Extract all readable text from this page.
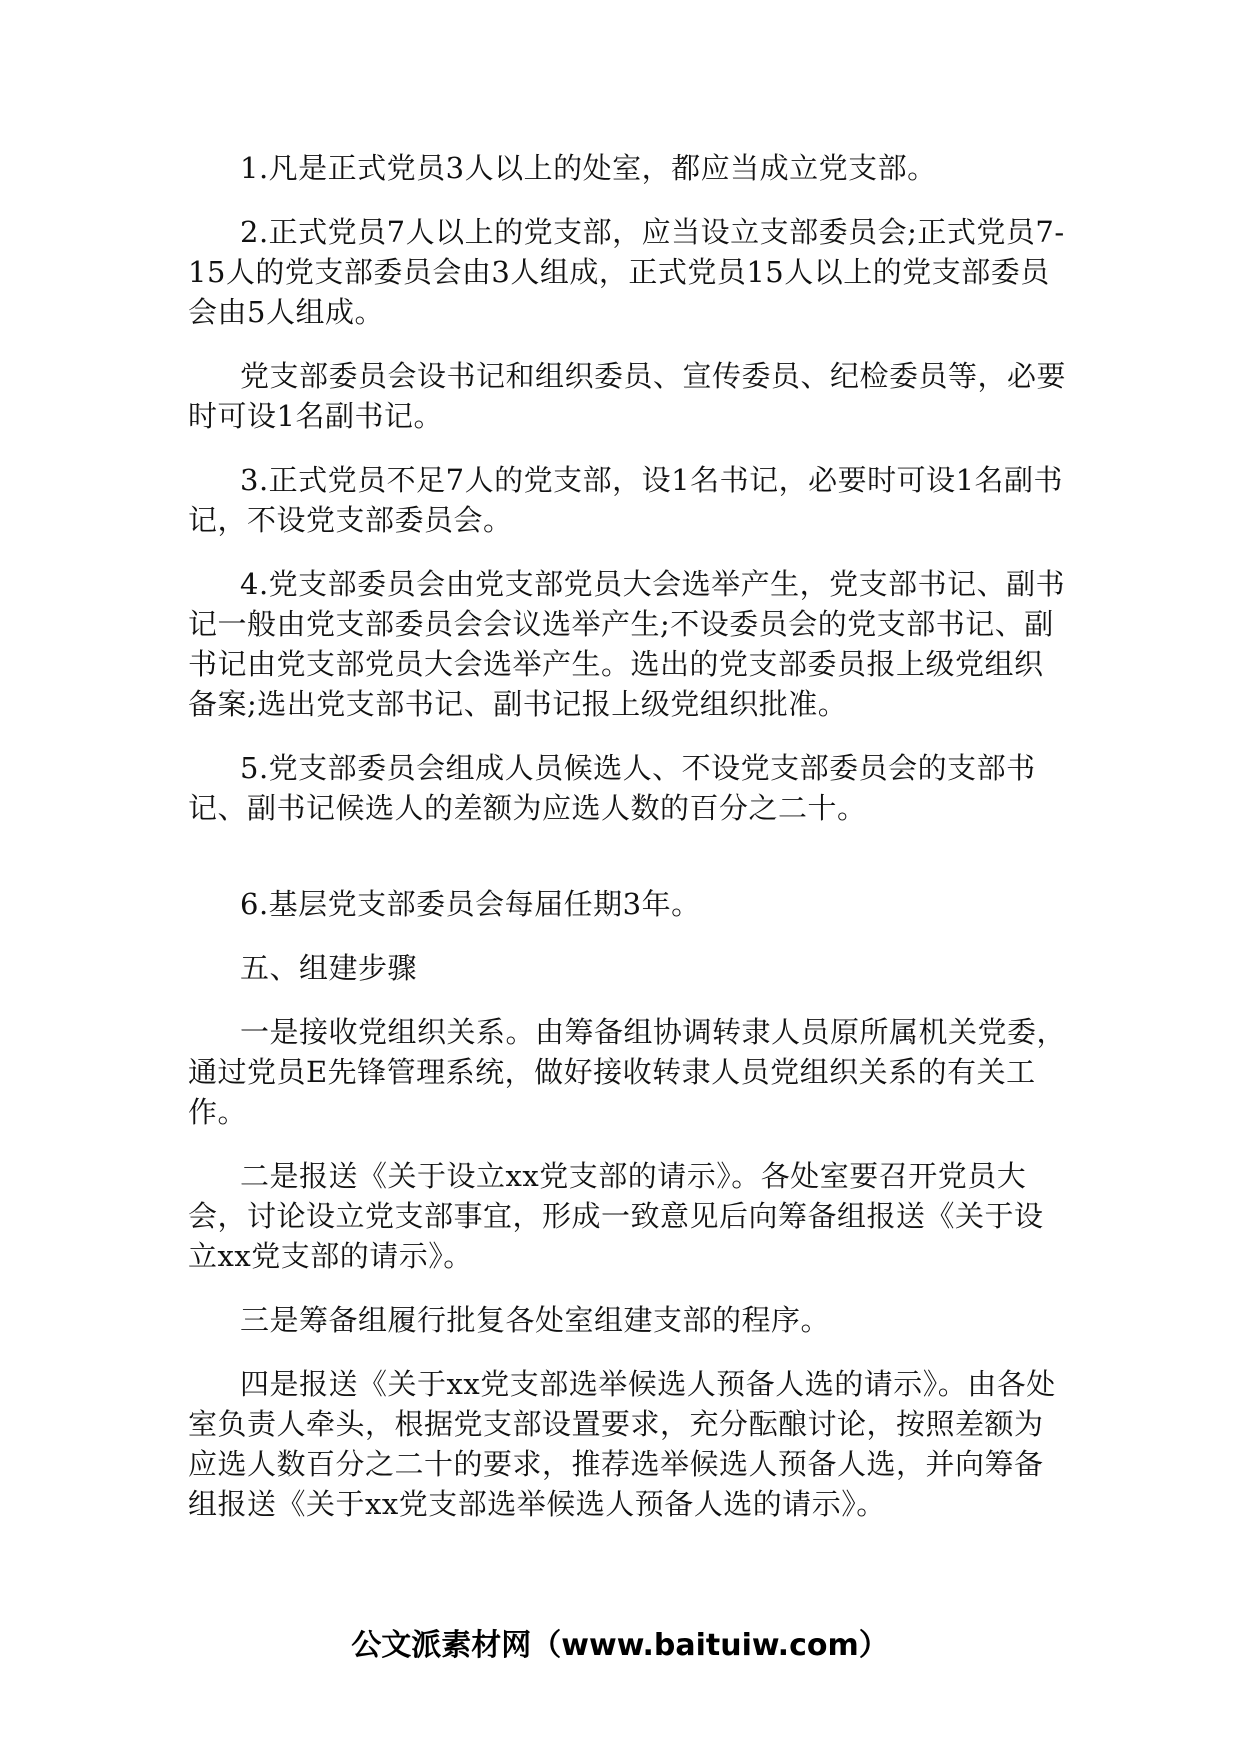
1.凡是正式党员3人以上的处室，都应当成立党支部。

2.正式党员7人以上的党支部，应当设立支部委员会;正式党员7-15人的党支部委员会由3人组成，正式党员15人以上的党支部委员会由5人组成。

党支部委员会设书记和组织委员、宣传委员、纪检委员等，必要时可设1名副书记。

3.正式党员不足7人的党支部，设1名书记，必要时可设1名副书记，不设党支部委员会。

4.党支部委员会由党支部党员大会选举产生，党支部书记、副书记一般由党支部委员会会议选举产生;不设委员会的党支部书记、副书记由党支部党员大会选举产生。选出的党支部委员报上级党组织备案;选出党支部书记、副书记报上级党组织批准。

5.党支部委员会组成人员候选人、不设党支部委员会的支部书记、副书记候选人的差额为应选人数的百分之二十。

6.基层党支部委员会每届任期3年。

五、组建步骤

一是接收党组织关系。由筹备组协调转隶人员原所属机关党委，通过党员E先锋管理系统，做好接收转隶人员党组织关系的有关工作。

二是报送《关于设立xx党支部的请示》。各处室要召开党员大会，讨论设立党支部事宜，形成一致意见后向筹备组报送《关于设立xx党支部的请示》。

三是筹备组履行批复各处室组建支部的程序。

四是报送《关于xx党支部选举候选人预备人选的请示》。由各处室负责人牵头，根据党支部设置要求，充分酝酿讨论，按照差额为应选人数百分之二十的要求，推荐选举候选人预备人选，并向筹备组报送《关于xx党支部选举候选人预备人选的请示》。

公文派素材网（www.baituiw.com）
